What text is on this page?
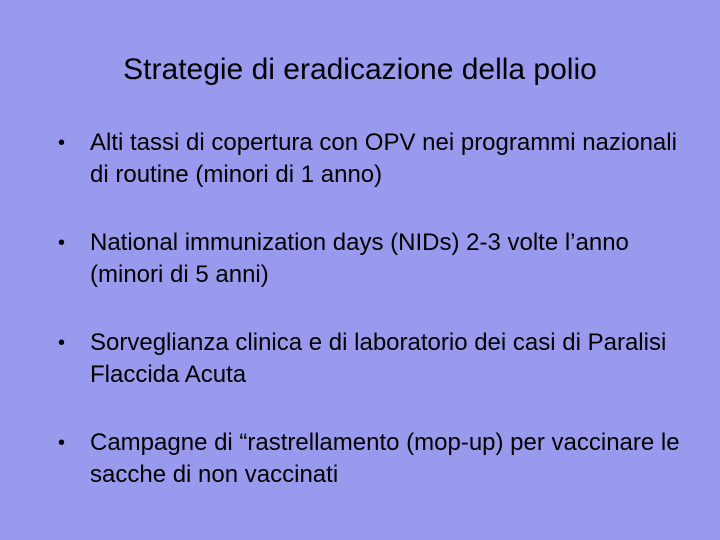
Strategie di eradicazione della polio
• Alti tassi di copertura con OPV nei programmi nazionali di routine (minori di 1 anno)
• National immunization days (NIDs) 2-3 volte l’anno (minori di 5 anni)
• Sorveglianza clinica e di laboratorio dei casi di Paralisi Flaccida Acuta
• Campagne di “rastrellamento (mop-up) per vaccinare le sacche di non vaccinati
